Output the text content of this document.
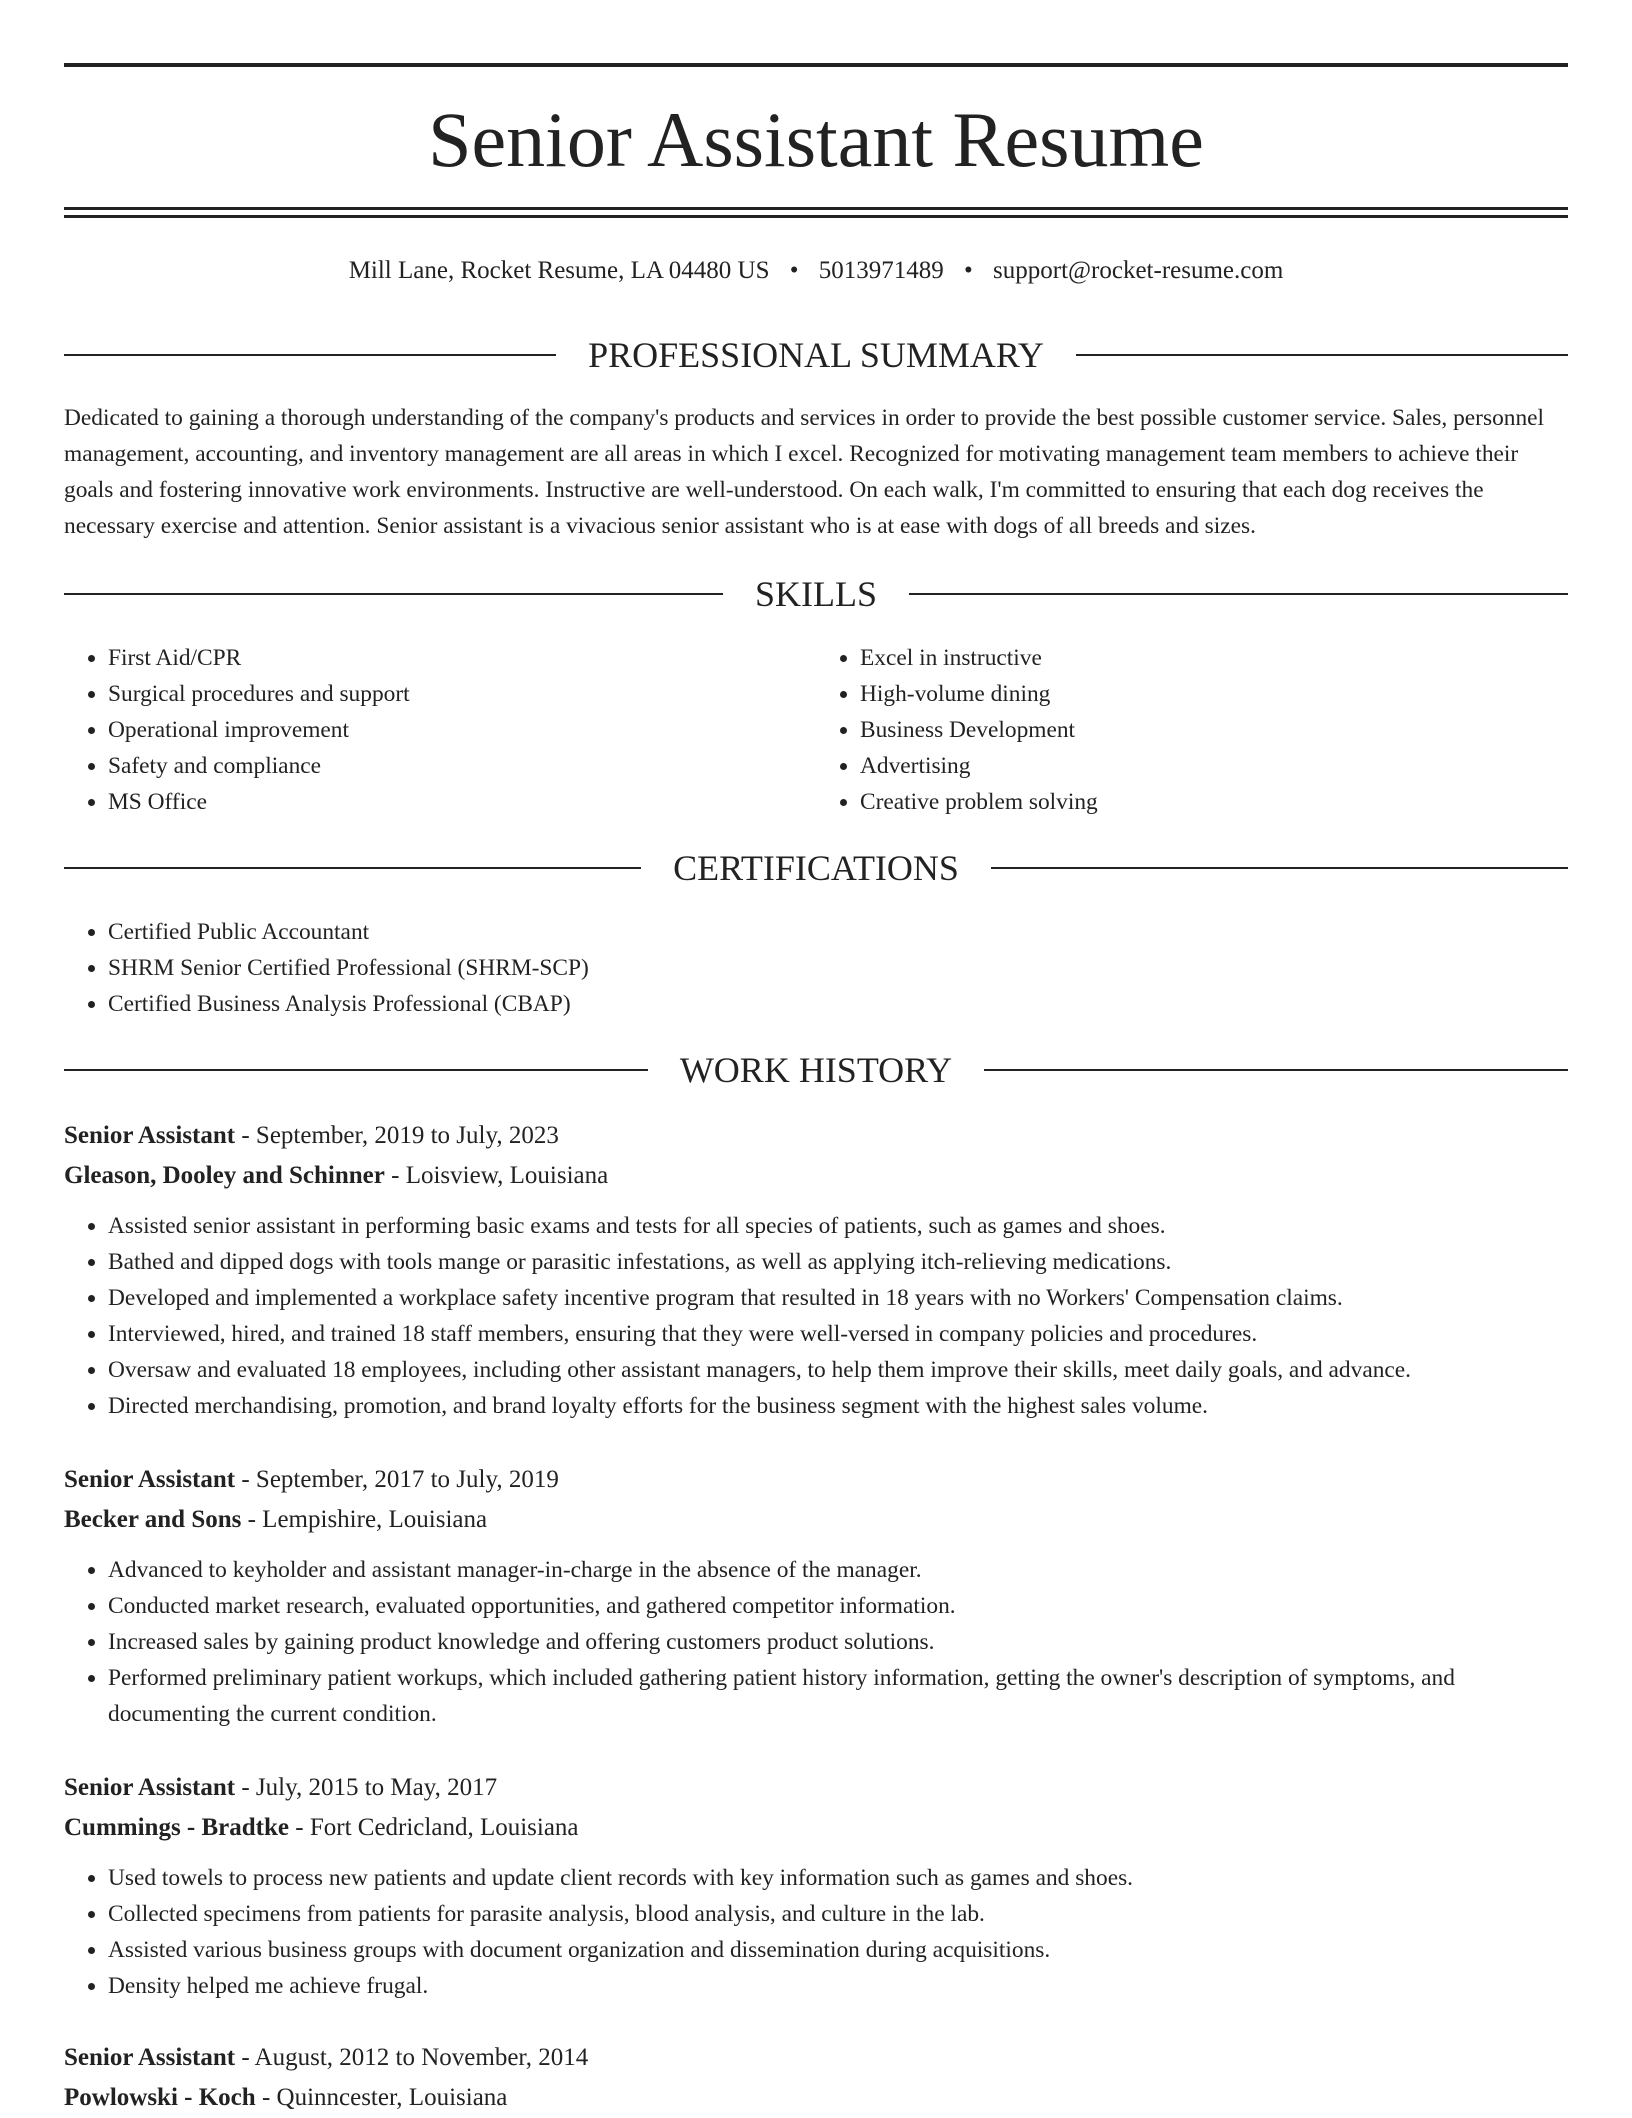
Senior Assistant Resume
Mill Lane, Rocket Resume, LA 04480 US • 5013971489 • support@rocket-resume.com
PROFESSIONAL SUMMARY

Dedicated to gaining a thorough understanding of the company's products and services in order to provide the best possible customer service. Sales, personnel management, accounting, and inventory management are all areas in which I excel. Recognized for motivating management team members to achieve their goals and fostering innovative work environments. Instructive are well-understood. On each walk, I'm committed to ensuring that each dog receives the necessary exercise and attention. Senior assistant is a vivacious senior assistant who is at ease with dogs of all breeds and sizes.

SKILLS
• First Aid/CPR
• Surgical procedures and support
• Operational improvement
• Safety and compliance
• MS Office
• Excel in instructive
• High-volume dining
• Business Development
• Advertising
• Creative problem solving
CERTIFICATIONS
• Certified Public Accountant
• SHRM Senior Certified Professional (SHRM-SCP)
• Certified Business Analysis Professional (CBAP)
WORK HISTORY
Senior Assistant - September, 2019 to July, 2023
Gleason, Dooley and Schinner - Loisview, Louisiana
• Assisted senior assistant in performing basic exams and tests for all species of patients, such as games and shoes.
• Bathed and dipped dogs with tools mange or parasitic infestations, as well as applying itch-relieving medications.
• Developed and implemented a workplace safety incentive program that resulted in 18 years with no Workers' Compensation claims.
• Interviewed, hired, and trained 18 staff members, ensuring that they were well-versed in company policies and procedures.
• Oversaw and evaluated 18 employees, including other assistant managers, to help them improve their skills, meet daily goals, and advance.
• Directed merchandising, promotion, and brand loyalty efforts for the business segment with the highest sales volume.
Senior Assistant - September, 2017 to July, 2019
Becker and Sons - Lempishire, Louisiana
• Advanced to keyholder and assistant manager-in-charge in the absence of the manager.
• Conducted market research, evaluated opportunities, and gathered competitor information.
• Increased sales by gaining product knowledge and offering customers product solutions.
• Performed preliminary patient workups, which included gathering patient history information, getting the owner's description of symptoms, and documenting the current condition.
Senior Assistant - July, 2015 to May, 2017
Cummings - Bradtke - Fort Cedricland, Louisiana
• Used towels to process new patients and update client records with key information such as games and shoes.
• Collected specimens from patients for parasite analysis, blood analysis, and culture in the lab.
• Assisted various business groups with document organization and dissemination during acquisitions.
• Density helped me achieve frugal.
Senior Assistant - August, 2012 to November, 2014
Powlowski - Koch - Quinncester, Louisiana
